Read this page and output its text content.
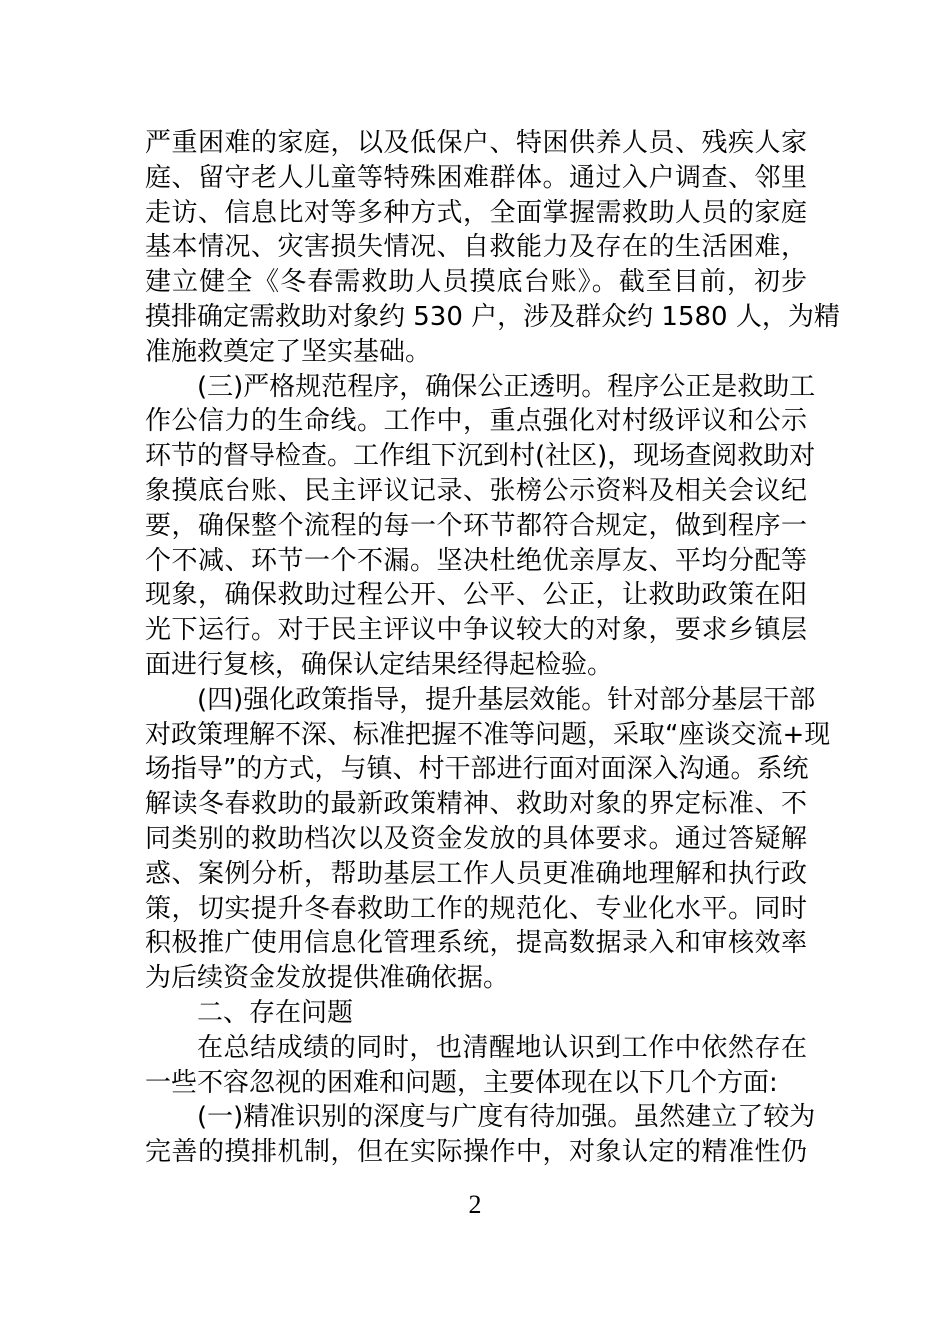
严重困难的家庭，以及低保户、特困供养人员、残疾人家
庭、留守老人儿童等特殊困难群体。通过入户调查、邻里
走访、信息比对等多种方式，全面掌握需救助人员的家庭
基本情况、灾害损失情况、自救能力及存在的生活困难，
建立健全《冬春需救助人员摸底台账》。截至目前，初步
摸排确定需救助对象约 530 户，涉及群众约 1580 人，为精
准施救奠定了坚实基础。
(三)严格规范程序，确保公正透明。程序公正是救助工
作公信力的生命线。工作中，重点强化对村级评议和公示
环节的督导检查。工作组下沉到村(社区)，现场查阅救助对
象摸底台账、民主评议记录、张榜公示资料及相关会议纪
要，确保整个流程的每一个环节都符合规定，做到程序一
个不减、环节一个不漏。坚决杜绝优亲厚友、平均分配等
现象，确保救助过程公开、公平、公正，让救助政策在阳
光下运行。对于民主评议中争议较大的对象，要求乡镇层
面进行复核，确保认定结果经得起检验。
(四)强化政策指导，提升基层效能。针对部分基层干部
对政策理解不深、标准把握不准等问题，采取“座谈交流+现
场指导”的方式，与镇、村干部进行面对面深入沟通。系统
解读冬春救助的最新政策精神、救助对象的界定标准、不
同类别的救助档次以及资金发放的具体要求。通过答疑解
惑、案例分析，帮助基层工作人员更准确地理解和执行政
策，切实提升冬春救助工作的规范化、专业化水平。同时
积极推广使用信息化管理系统，提高数据录入和审核效率
为后续资金发放提供准确依据。
二、存在问题
在总结成绩的同时，也清醒地认识到工作中依然存在
一些不容忽视的困难和问题，主要体现在以下几个方面:
(一)精准识别的深度与广度有待加强。虽然建立了较为
完善的摸排机制，但在实际操作中，对象认定的精准性仍
2
